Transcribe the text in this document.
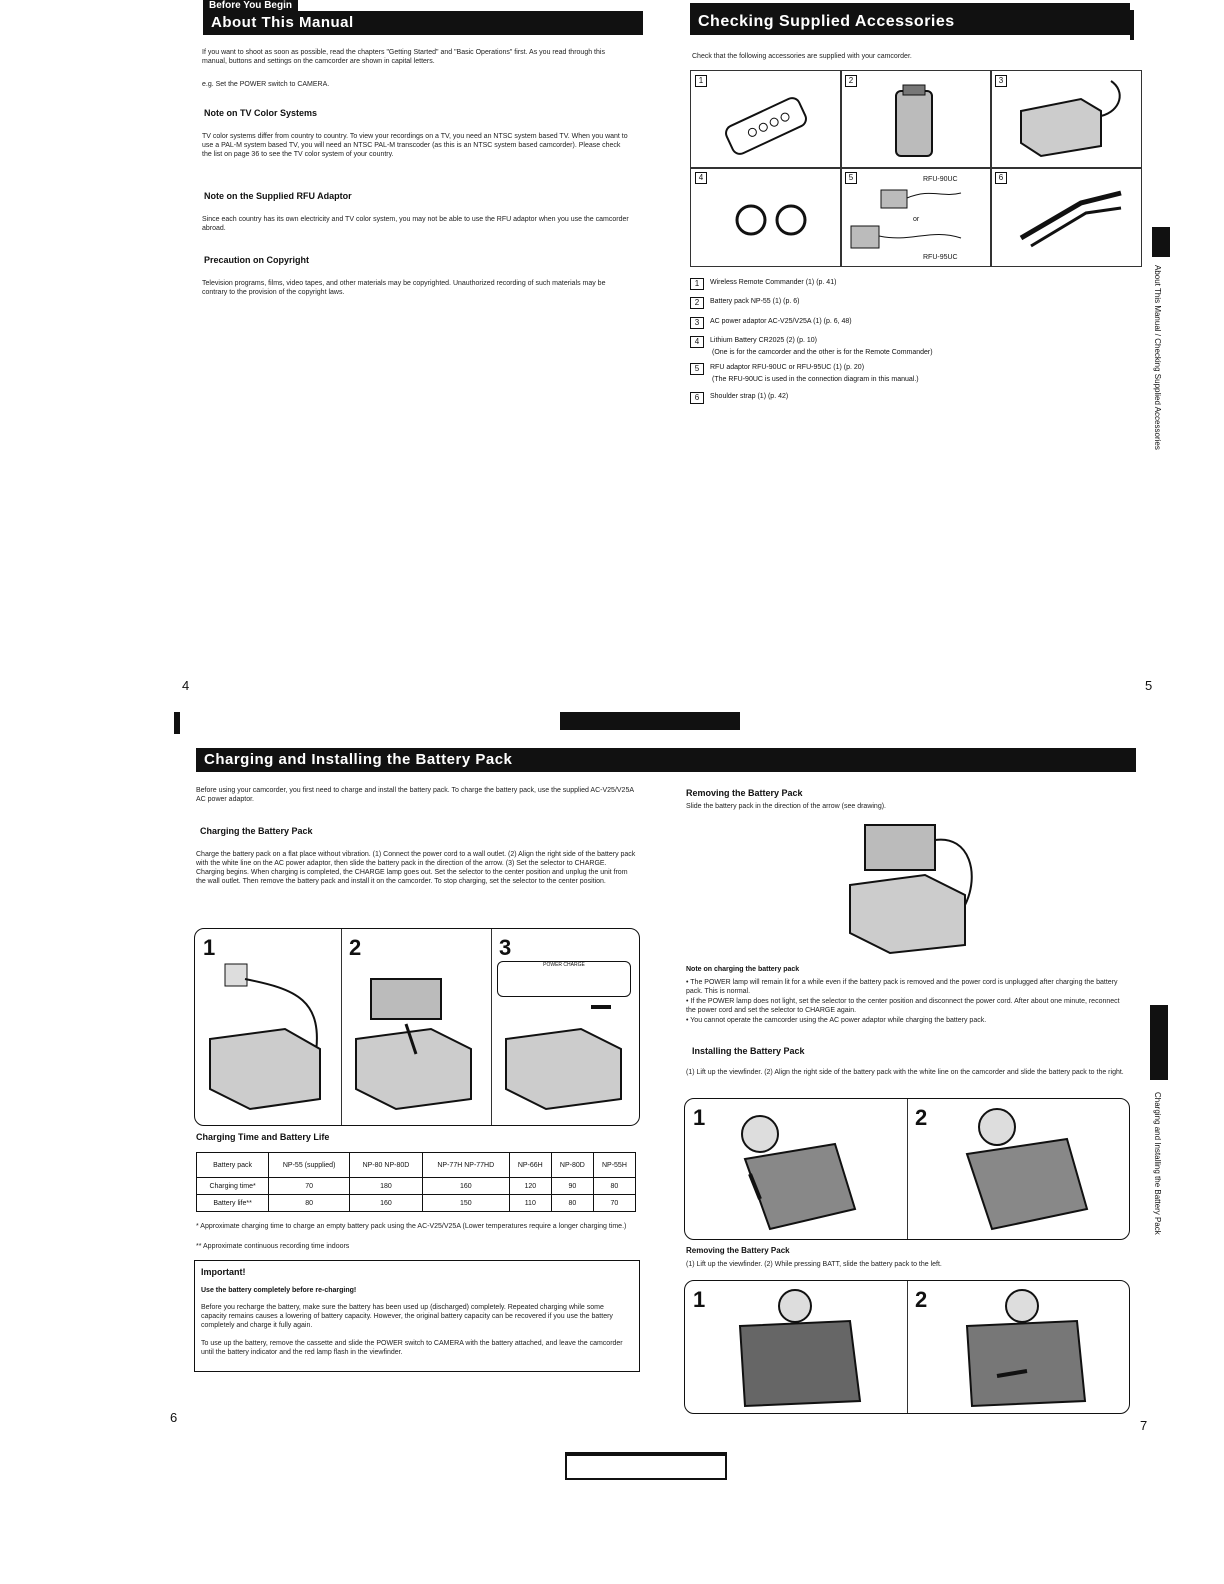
Before You Begin
About This Manual
If you want to shoot as soon as possible, read the chapters "Getting Started" and "Basic Operations" first. As you read through this manual, buttons and settings on the camcorder are shown in capital letters.
e.g. Set the POWER switch to CAMERA.
Note on TV Color Systems
TV color systems differ from country to country. To view your recordings on a TV, you need an NTSC system based TV. When you want to use a PAL-M system based TV, you will need an NTSC PAL-M transcoder (as this is an NTSC system based camcorder). Please check the list on page 36 to see the TV color system of your country.
Note on the Supplied RFU Adaptor
Since each country has its own electricity and TV color system, you may not be able to use the RFU adaptor when you use the camcorder abroad.
Precaution on Copyright
Television programs, films, video tapes, and other materials may be copyrighted. Unauthorized recording of such materials may be contrary to the provision of the copyright laws.
4
Checking Supplied Accessories
Check that the following accessories are supplied with your camcorder.
1	2	3
4	5	RFU-90UC
or
RFU-95UC
6
1 Wireless Remote Commander (1) (p. 41)
2 Battery pack NP-55 (1) (p. 6)
3 AC power adaptor AC-V25/V25A (1) (p. 6, 48)
4 Lithium Battery CR2025 (2) (p. 10)
(One is for the camcorder and the other is for the Remote Commander)
5 RFU adaptor RFU-90UC or RFU-95UC (1) (p. 20)
(The RFU-90UC is used in the connection diagram in this manual.)
6 Shoulder strap (1) (p. 42)	About This Manual / Checking Supplied Accessories
5
Charging and Installing the Battery Pack
Before using your camcorder, you first need to charge and install the battery pack. To charge the battery pack, use the supplied AC-V25/V25A AC power adaptor.
Charging the Battery Pack
Charge the battery pack on a flat place without vibration. (1) Connect the power cord to a wall outlet. (2) Align the right side of the battery pack with the white line on the AC power adaptor, then slide the battery pack in the direction of the arrow. (3) Set the selector to CHARGE. Charging begins. When charging is completed, the CHARGE lamp goes out. Set the selector to the center position and unplug the unit from the wall outlet. Then remove the battery pack and install it on the camcorder. To stop charging, set the selector to the center position.
1	2	3
POWER CHARGE
Charging Time and Battery Life
Battery pack	NP-55 (supplied)	NP-80 NP-80D	NP-77H NP-77HD	NP-66H	NP-80D	NP-55H
Charging time*	70	180	160	120	90	80
Battery life**	80	160	150	110	80	70
* Approximate charging time to charge an empty battery pack using the AC-V25/V25A (Lower temperatures require a longer charging time.)
** Approximate continuous recording time indoors
Important!
Use the battery completely before re-charging!
Before you recharge the battery, make sure the battery has been used up (discharged) completely. Repeated charging while some capacity remains causes a lowering of battery capacity. However, the original battery capacity can be recovered if you use the battery completely and charge it fully again.
To use up the battery, remove the cassette and slide the POWER switch to CAMERA with the battery attached, and leave the camcorder until the battery indicator and the red lamp flash in the viewfinder.
6
Removing the Battery Pack
Slide the battery pack in the direction of the arrow (see drawing).
Note on charging the battery pack
• The POWER lamp will remain lit for a while even if the battery pack is removed and the power cord is unplugged after charging the battery pack. This is normal.
• If the POWER lamp does not light, set the selector to the center position and disconnect the power cord. After about one minute, reconnect the power cord and set the selector to CHARGE again.
• You cannot operate the camcorder using the AC power adaptor while charging the battery pack.
Installing the Battery Pack
(1) Lift up the viewfinder. (2) Align the right side of the battery pack with the white line on the camcorder and slide the battery pack to the right.
1	2
Removing the Battery Pack
(1) Lift up the viewfinder. (2) While pressing BATT, slide the battery pack to the left.
1	2
Charging and Installing the Battery Pack
7
